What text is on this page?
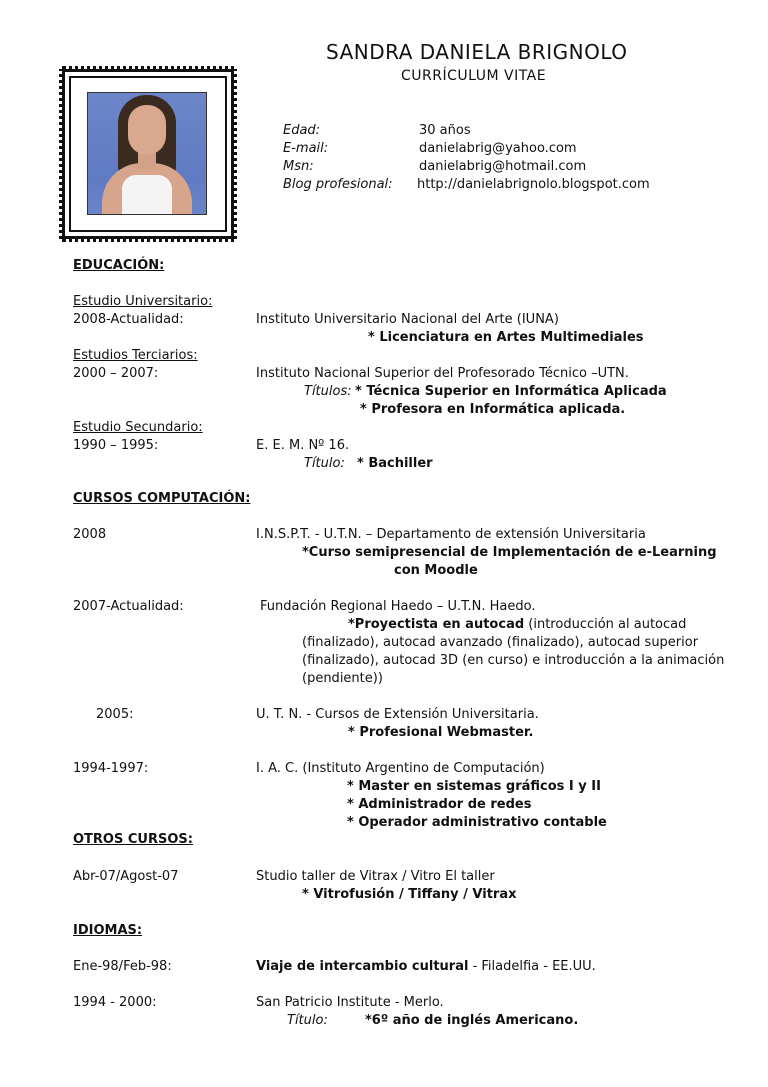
SANDRA DANIELA BRIGNOLO
CURRÍCULUM VITAE
Edad:	30 años
E-mail:	danielabrig@yahoo.com
Msn:	danielabrig@hotmail.com
Blog profesional: http://danielabrignolo.blogspot.com
EDUCACIÓN:
Estudio Universitario:
2008-Actualidad:	Instituto Universitario Nacional del Arte (IUNA)
* Licenciatura en Artes Multimediales
Estudios Terciarios:
2000 – 2007:	Instituto Nacional Superior del Profesorado Técnico –UTN.
Títulos: * Técnica Superior en Informática Aplicada
* Profesora en Informática aplicada.
Estudio Secundario:
1990 – 1995:	E. E. M. Nº 16.
Título: * Bachiller
CURSOS COMPUTACIÓN:
2008	I.N.S.P.T. - U.T.N. – Departamento de extensión Universitaria
*Curso semipresencial de Implementación de e-Learning
con Moodle
2007-Actualidad:	Fundación Regional Haedo – U.T.N. Haedo.
*Proyectista en autocad (introducción al autocad
(finalizado), autocad avanzado (finalizado), autocad superior
(finalizado), autocad 3D (en curso) e introducción a la animación
(pendiente))
2005:	U. T. N. - Cursos de Extensión Universitaria.
* Profesional Webmaster.
1994-1997:	I. A. C. (Instituto Argentino de Computación)
* Master en sistemas gráficos I y II
* Administrador de redes
* Operador administrativo contable
OTROS CURSOS:
Abr-07/Agost-07	Studio taller de Vitrax / Vitro El taller
* Vitrofusión / Tiffany / Vitrax
IDIOMAS:
Ene-98/Feb-98:	Viaje de intercambio cultural - Filadelfia - EE.UU.
1994 - 2000:	San Patricio Institute - Merlo.
Título:	*6º año de inglés Americano.
